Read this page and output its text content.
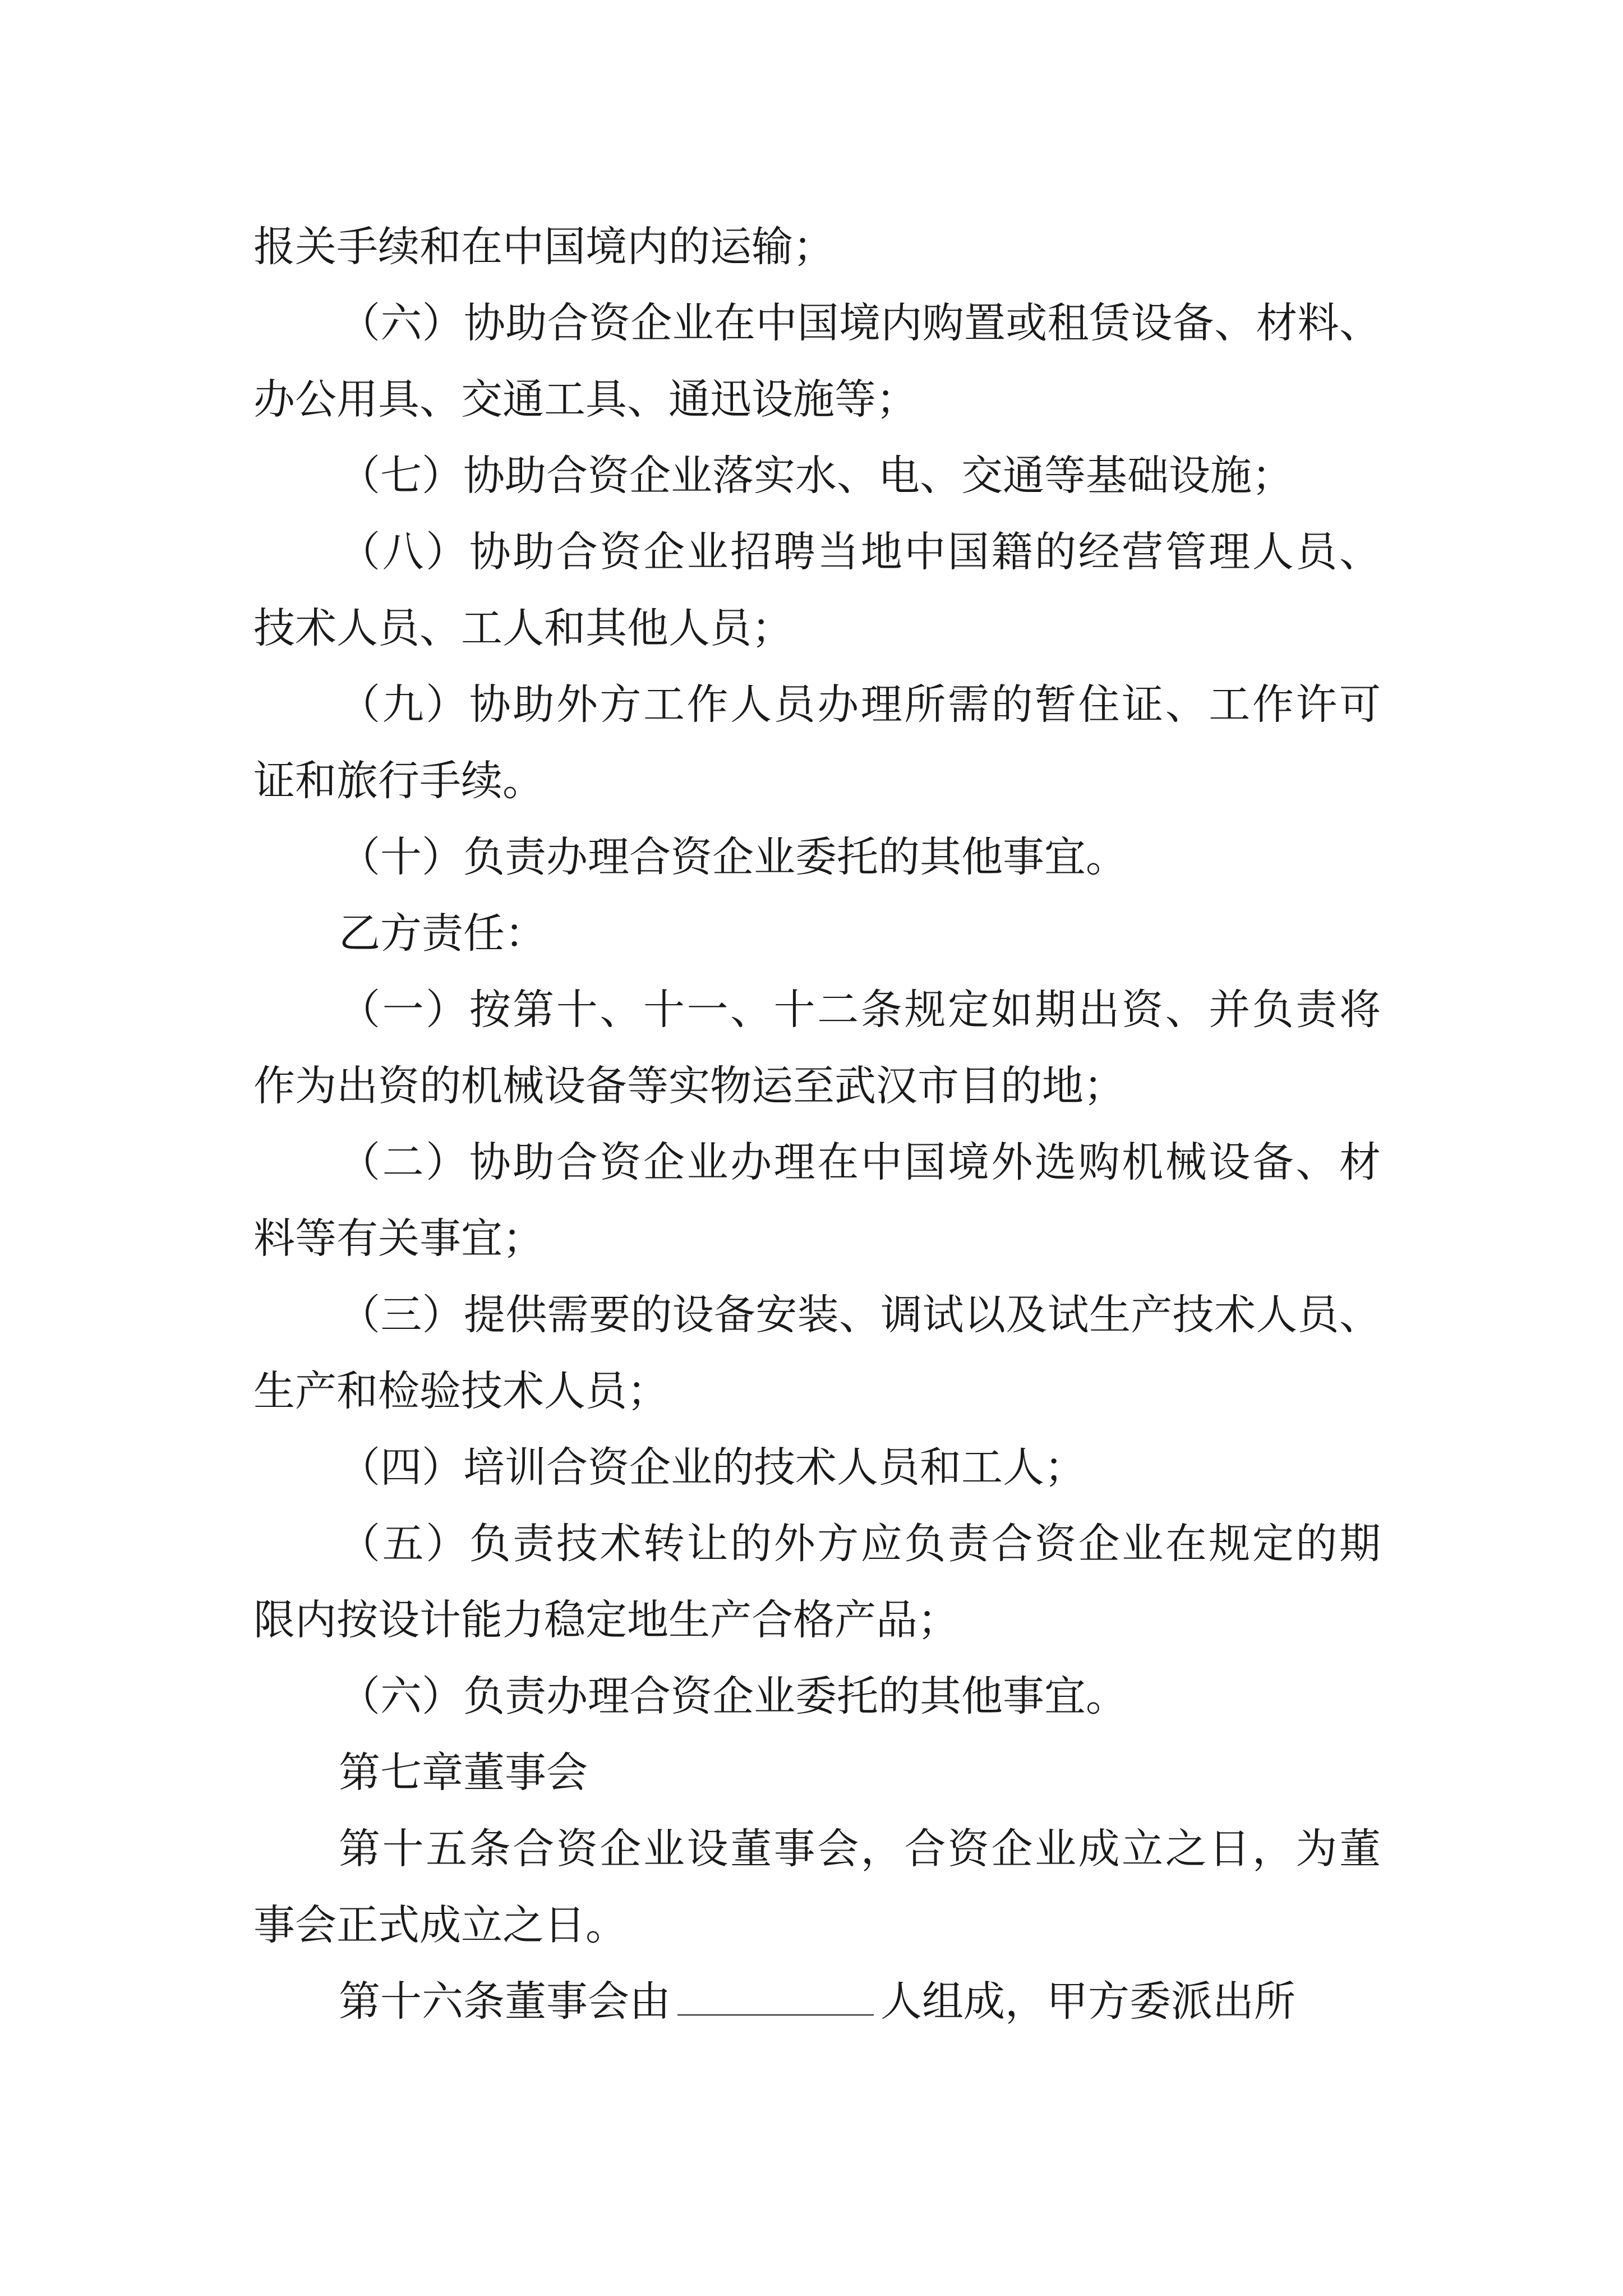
报关手续和在中国境内的运输；

（六）协助合资企业在中国境内购置或租赁设备、材料、

办公用具、交通工具、通迅设施等；

（七）协助合资企业落实水、电、交通等基础设施；

（八）协助合资企业招聘当地中国籍的经营管理人员、

技术人员、工人和其他人员；

（九）协助外方工作人员办理所需的暂住证、工作许可

证和旅行手续。

（十）负责办理合资企业委托的其他事宜。

乙方责任：

（一）按第十、十一、十二条规定如期出资、并负责将

作为出资的机械设备等实物运至武汉市目的地；

（二）协助合资企业办理在中国境外选购机械设备、材

料等有关事宜；

（三）提供需要的设备安装、调试以及试生产技术人员、

生产和检验技术人员；

（四）培训合资企业的技术人员和工人；

（五）负责技术转让的外方应负责合资企业在规定的期

限内按设计能力稳定地生产合格产品；

（六）负责办理合资企业委托的其他事宜。

第七章董事会

第十五条合资企业设董事会，合资企业成立之日，为董

事会正式成立之日。

第十六条董事会由	人组成，甲方委派出所
